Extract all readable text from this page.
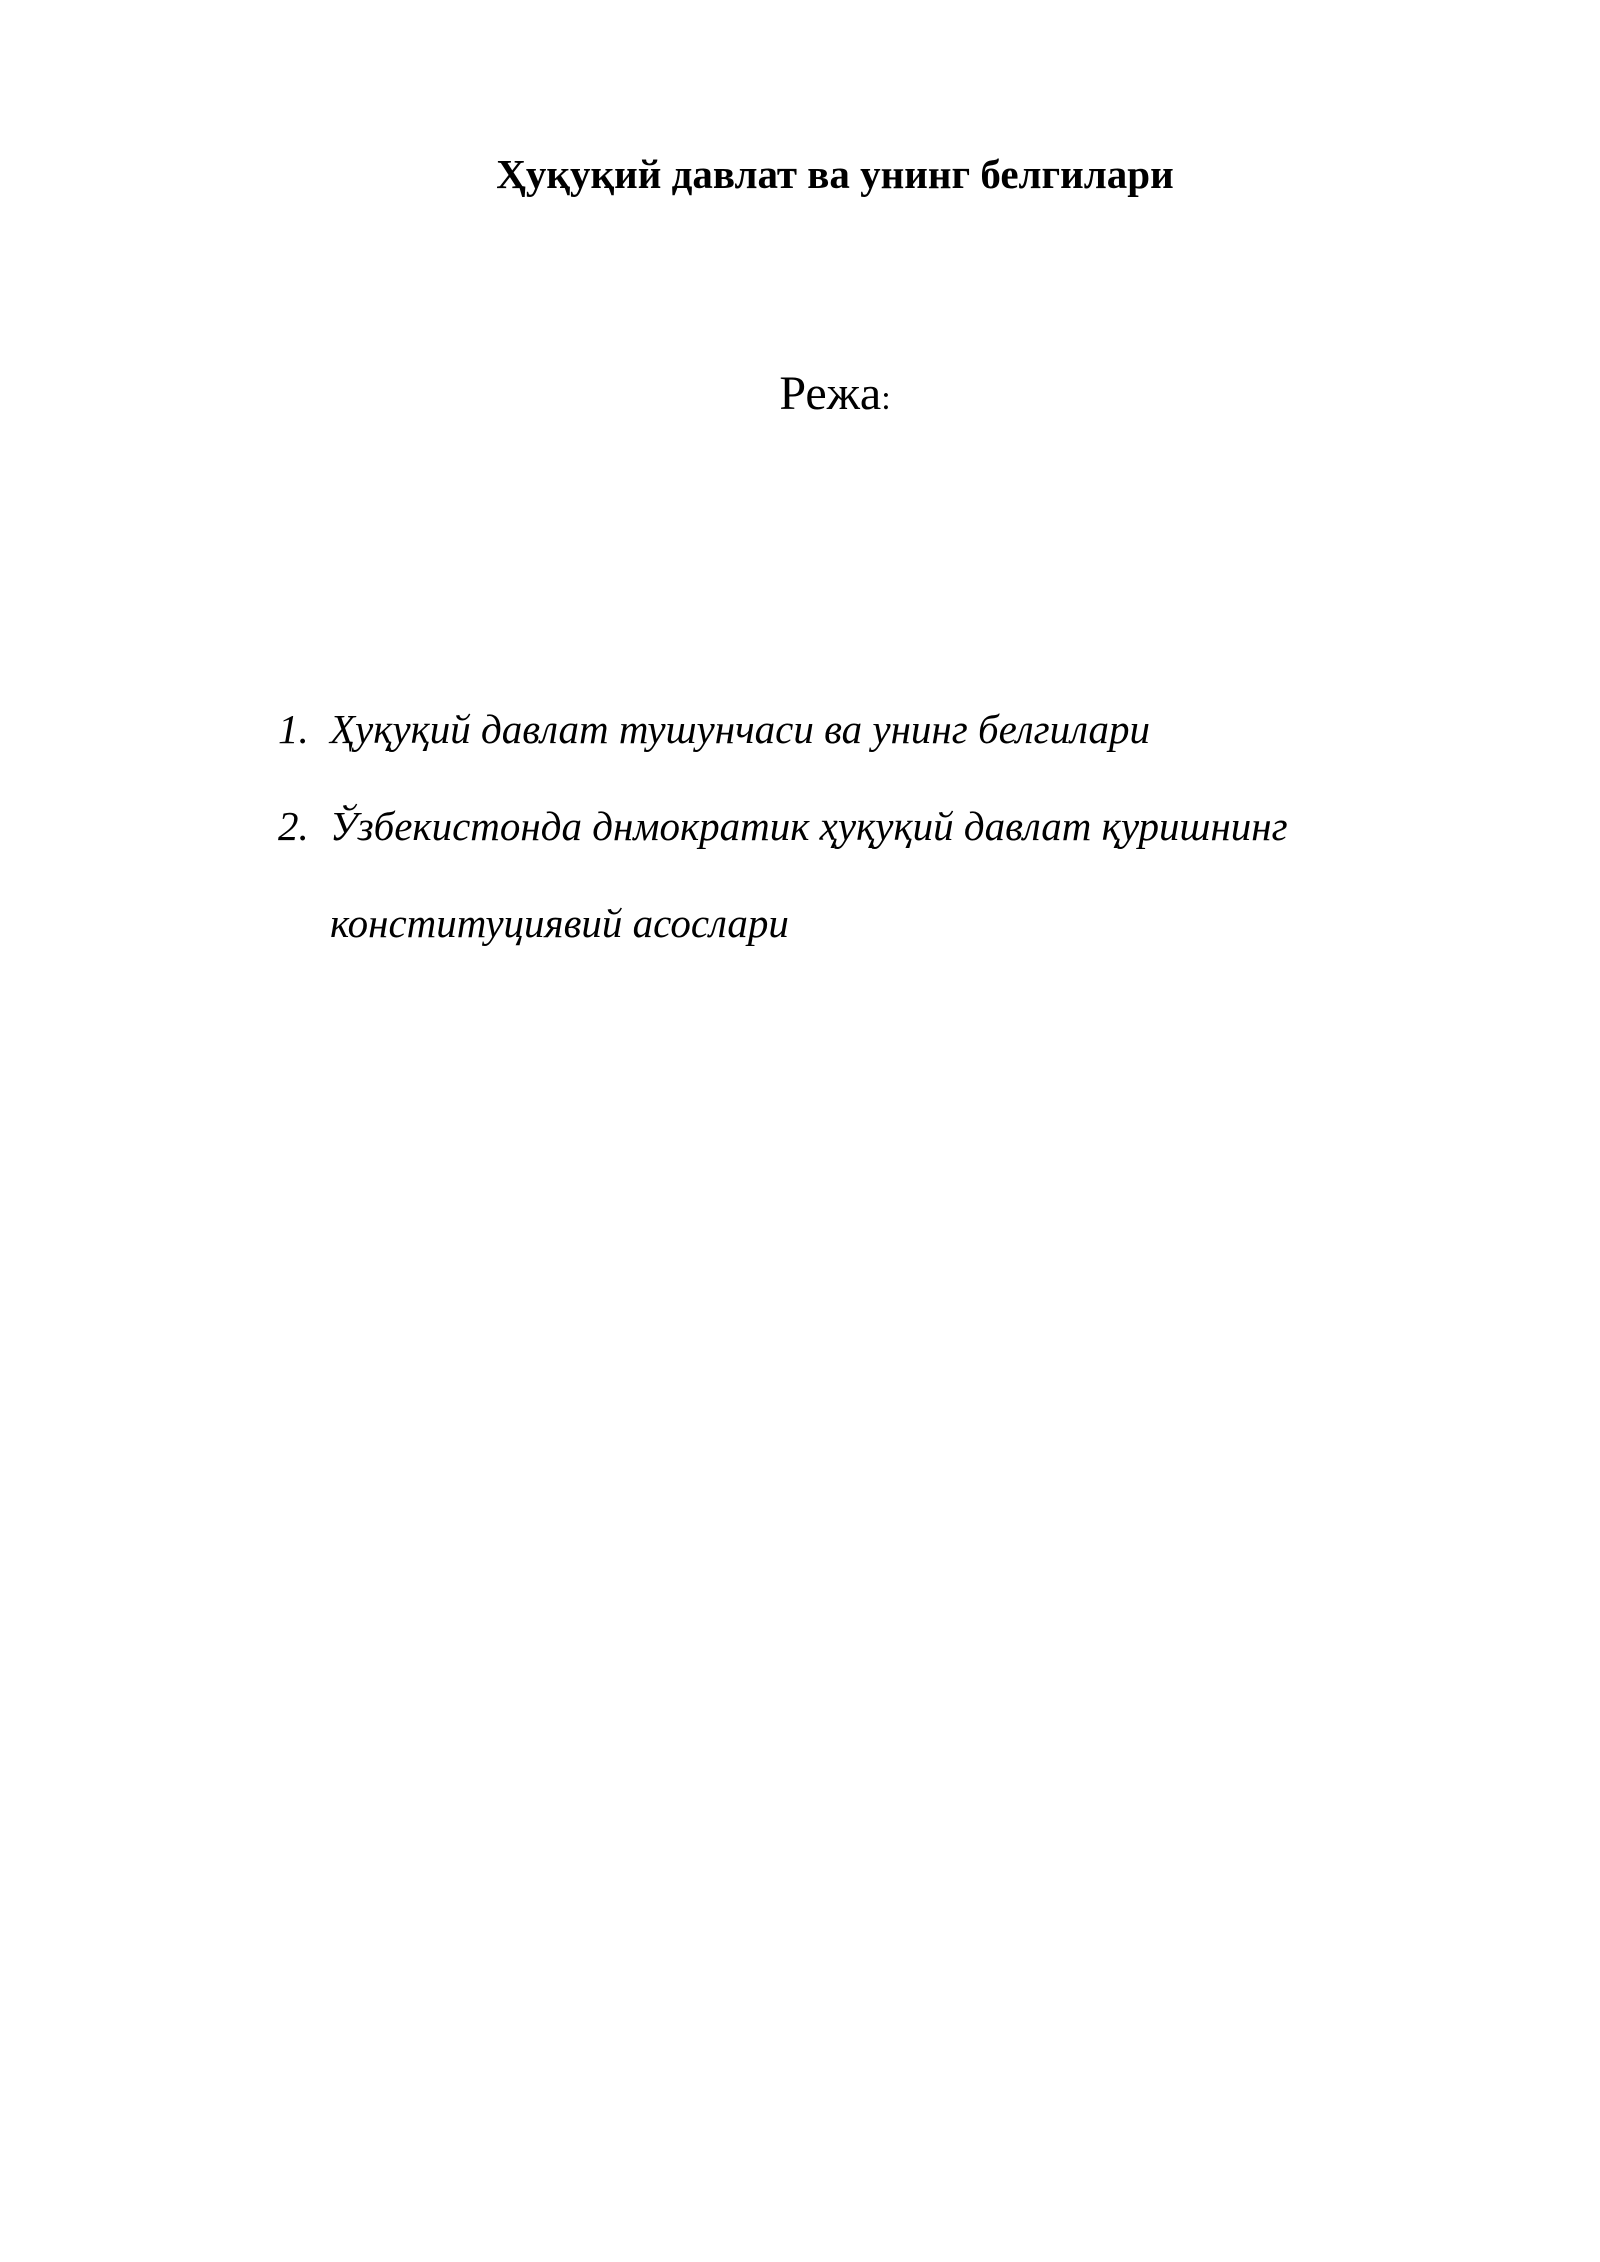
Ҳуқуқий давлат ва унинг белгилари

Режа:

1. Ҳуқуқий давлат тушунчаси ва унинг белгилари
2. Ўзбекистонда днмократик ҳуқуқий давлат қуришнинг
конституциявий асослари
